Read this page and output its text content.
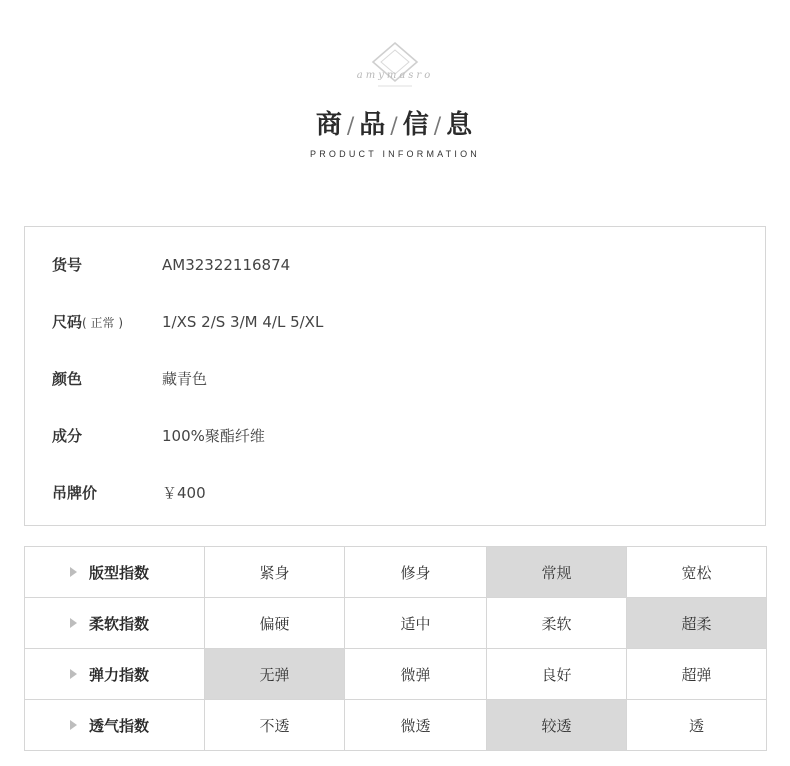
amymasro
商 / 品 / 信 / 息
PRODUCT INFORMATION
货号	AM32322116874
尺码( 正常 )	1/XS 2/S 3/M 4/L 5/XL
颜色	藏青色
成分	100%聚酯纤维
吊牌价	￥400
版型指数	紧身	修身	常规	宽松

柔软指数	偏硬	适中	柔软	超柔

弹力指数	无弹	微弹	良好	超弹

透气指数	不透	微透	较透	透
